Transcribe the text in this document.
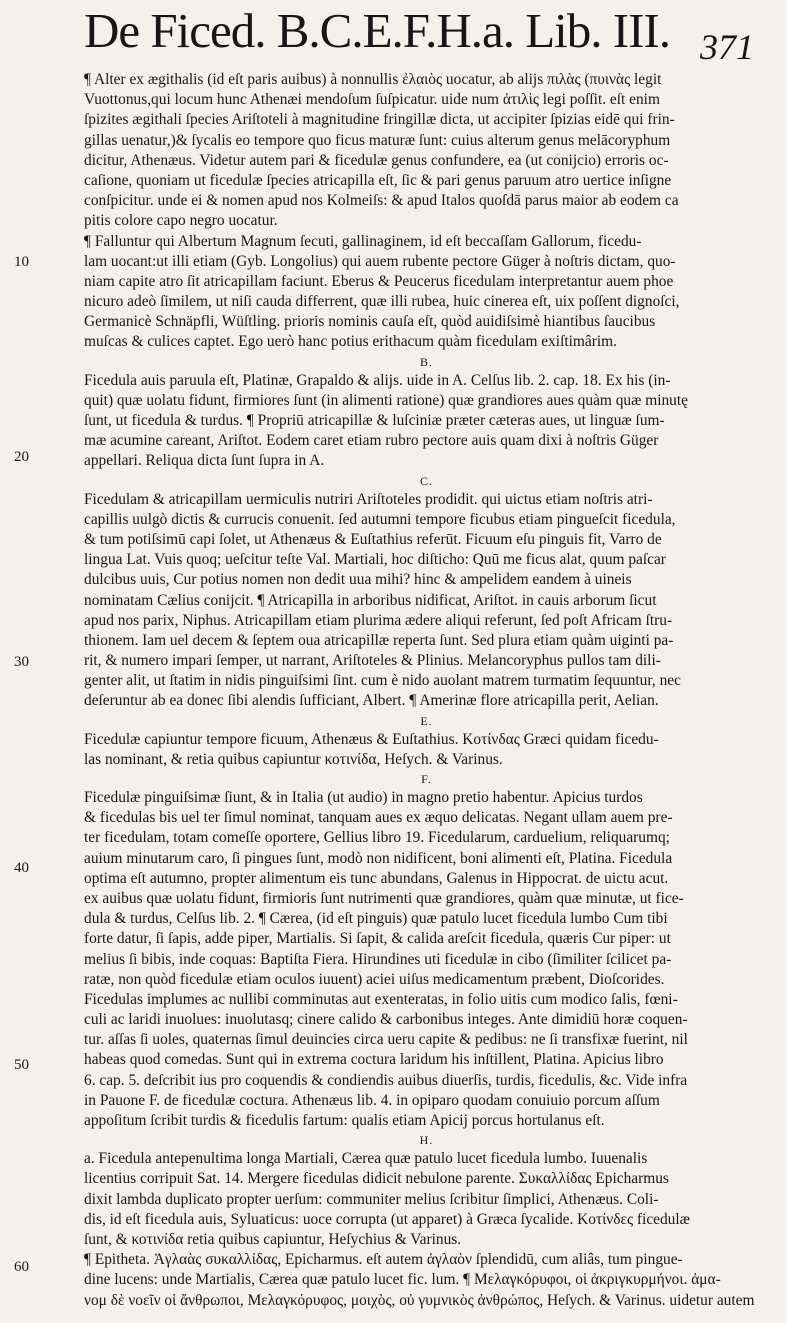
De Ficed. B.C.E.F.H.a. Lib. III. 371
10
20
30
40
50
60
¶ Alter ex ægithalis (id eſt paris auibus) à nonnullis ἐλαιὸς uocatur, ab alijs πιλὰς (πυινὰς legit
Vuottonus,qui locum hunc Athenæi mendoſum ſuſpicatur. uide num ἀτιλὶς legi poſſit. eſt enim
ſpizites ægithali ſpecies Ariſtoteli à magnitudine fringillæ dicta, ut accipiter ſpizias eidē qui frin-
gillas uenatur,)& ſycalis eo tempore quo ficus maturæ ſunt: cuius alterum genus melācoryphum
dicitur, Athenæus. Videtur autem pari & ficedulæ genus confundere, ea (ut conijcio) erroris oc-
caſione, quoniam ut ficedulæ ſpecies atricapilla eſt, ſic & pari genus paruum atro uertice inſigne
conſpicitur. unde ei & nomen apud nos Kolmeiſs: & apud Italos quoſdā parus maior ab eodem ca
pitis colore capo negro uocatur.
¶ Falluntur qui Albertum Magnum ſecuti, gallinaginem, id eſt beccaſſam Gallorum, ficedu-
lam uocant:ut illi etiam (Gyb. Longolius) qui auem rubente pectore Güger à noſtris dictam, quo-
niam capite atro ſit atricapillam faciunt. Eberus & Peucerus ficedulam interpretantur auem phoe
nicuro adeò ſimilem, ut niſi cauda differrent, quæ illi rubea, huic cinerea eſt, uix poſſent dignoſci,
Germanicè Schnäpfli, Wüſtling. prioris nominis cauſa eſt, quòd auidiſsimè hiantibus ſaucibus
muſcas & culices captet. Ego uerò hanc potius erithacum quàm ficedulam exiſtimârim.
B.
Ficedula auis paruula eſt, Platinæ, Grapaldo & alijs. uide in A. Celſus lib. 2. cap. 18. Ex his (in-
quit) quæ uolatu fidunt, firmiores ſunt (in alimenti ratione) quæ grandiores aues quàm quæ minutę
ſunt, ut ficedula & turdus. ¶ Propriū atricapillæ & luſciniæ præter cæteras aues, ut linguæ ſum-
mæ acumine careant, Ariſtot. Eodem caret etiam rubro pectore auis quam dixi à noſtris Güger
appellari. Reliqua dicta ſunt ſupra in A.
C.
Ficedulam & atricapillam uermiculis nutriri Ariſtoteles prodidit. qui uictus etiam noſtris atri-
capillis uulgò dictis & currucis conuenit. ſed autumni tempore ficubus etiam pingueſcit ficedula,
& tum potiſsimū capi ſolet, ut Athenæus & Euſtathius referūt. Ficuum eſu pinguis fit, Varro de
lingua Lat. Vuis quoq; ueſcitur teſte Val. Martiali, hoc diſticho: Quū me ficus alat, quum paſcar
dulcibus uuis, Cur potius nomen non dedit uua mihi? hinc & ampelidem eandem à uineis
nominatam Cælius conijcit. ¶ Atricapilla in arboribus nidificat, Ariſtot. in cauis arborum ſicut
apud nos parix, Niphus. Atricapillam etiam plurima ædere aliqui referunt, ſed poſt Africam ſtru-
thionem. Iam uel decem & ſeptem oua atricapillæ reperta ſunt. Sed plura etiam quàm uiginti pa-
rit, & numero impari ſemper, ut narrant, Ariſtoteles & Plinius. Melancoryphus pullos tam dili-
genter alit, ut ſtatim in nidis pinguiſsimi ſint. cum è nido auolant matrem turmatim ſequuntur, nec
deſeruntur ab ea donec ſibi alendis ſufficiant, Albert. ¶ Amerinæ flore atricapilla perit, Aelian.
E.
Ficedulæ capiuntur tempore ficuum, Athenæus & Euſtathius. Κοτίνδας Græci quidam ficedu-
las nominant, & retia quibus capiuntur κοτινίδα, Heſych. & Varinus.
F.
Ficedulæ pinguiſsimæ ſiunt, & in Italia (ut audio) in magno pretio habentur. Apicius turdos
& ficedulas bis uel ter ſimul nominat, tanquam aues ex æquo delicatas. Negant ullam auem pre-
ter ficedulam, totam comeſſe oportere, Gellius libro 19. Ficedularum, carduelium, reliquarumq;
auium minutarum caro, ſi pingues ſunt, modò non nidificent, boni alimenti eſt, Platina. Ficedula
optima eſt autumno, propter alimentum eis tunc abundans, Galenus in Hippocrat. de uictu acut.
ex auibus quæ uolatu fidunt, firmioris ſunt nutrimenti quæ grandiores, quàm quæ minutæ, ut fice-
dula & turdus, Celſus lib. 2. ¶ Cærea, (id eſt pinguis) quæ patulo lucet ficedula lumbo Cum tibi
forte datur, ſi ſapis, adde piper, Martialis. Si ſapit, & calida areſcit ficedula, quæris Cur piper: ut
melius ſi bibis, inde coquas: Baptiſta Fiera. Hirundines uti ficedulæ in cibo (ſimiliter ſcilicet pa-
ratæ, non quòd ficedulæ etiam oculos iuuent) aciei uiſus medicamentum præbent, Dioſcorides.
Ficedulas implumes ac nullibi comminutas aut exenteratas, in folio uitis cum modico ſalis, fœni-
culi ac laridi inuolues: inuolutasq; cinere calido & carbonibus integes. Ante dimidiū horæ coquen-
tur. aſſas ſi uoles, quaternas ſimul deuincies circa ueru capite & pedibus: ne ſi transfixæ fuerint, nil
habeas quod comedas. Sunt qui in extrema coctura laridum his inſtillent, Platina. Apicius libro
6. cap. 5. deſcribit ius pro coquendis & condiendis auibus diuerſis, turdis, ficedulis, &c. Vide infra
in Pauone F. de ficedulæ coctura. Athenæus lib. 4. in opiparo quodam conuiuio porcum aſſum
appoſitum ſcribit turdis & ficedulis fartum: qualis etiam Apicij porcus hortulanus eſt.
H.
a. Ficedula antepenultima longa Martiali, Cærea quæ patulo lucet ficedula lumbo. Iuuenalis
licentius corripuit Sat. 14. Mergere ficedulas didicit nebulone parente. Συκαλλίδας Epicharmus
dixit lambda duplicato propter uerſum: communiter melius ſcribitur ſimplici, Athenæus. Coli-
dis, id eſt ficedula auis, Syluaticus: uoce corrupta (ut apparet) à Græca ſycalide. Κοτίνδες ficedulæ
ſunt, & κοτινίδα retia quibus capiuntur, Heſychius & Varinus.
¶ Epitheta. Ἀγλαὰς συκαλλίδας, Epicharmus. eſt autem ἀγλαὸν ſplendidū, cum aliâs, tum pingue-
dine lucens: unde Martialis, Cærea quæ patulo lucet fic. lum. ¶ Μελαγκόρυφοι, οἱ ἀκριγκυρμήνοι. ἀμα-
νομ δὲ νοεῖν οἱ ἄνθρωποι, Μελαγκόρυφος, μοιχὸς, οὐ γυμνικὸς ἀνθρώπος, Heſych. & Varinus. uidetur autem
